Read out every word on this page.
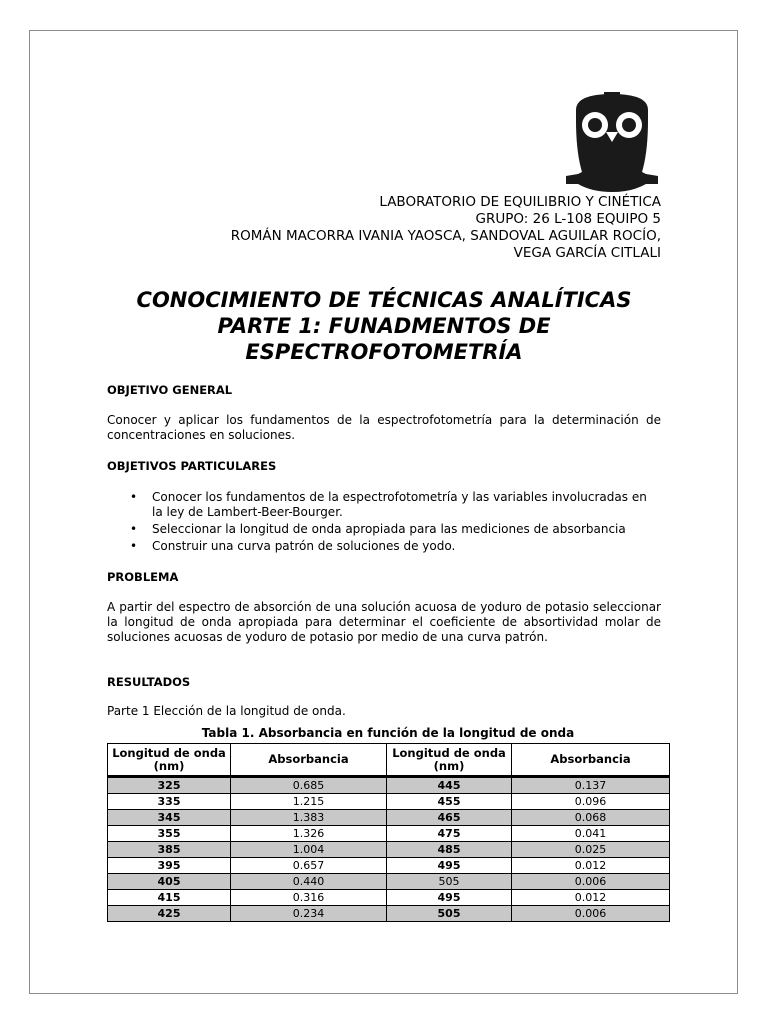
LABORATORIO DE EQUILIBRIO Y CINÉTICA
GRUPO: 26 L-108 EQUIPO 5
ROMÁN MACORRA IVANIA YAOSCA, SANDOVAL AGUILAR ROCÍO,
VEGA GARCÍA CITLALI
CONOCIMIENTO DE TÉCNICAS ANALÍTICAS
PARTE 1: FUNADMENTOS DE
ESPECTROFOTOMETRÍA
OBJETIVO GENERAL
Conocer y aplicar los fundamentos de la espectrofotometría para la determinación de concentraciones en soluciones.
OBJETIVOS PARTICULARES
• Conocer los fundamentos de la espectrofotometría y las variables involucradas en la ley de Lambert-Beer-Bourger.
• Seleccionar la longitud de onda apropiada para las mediciones de absorbancia
• Construir una curva patrón de soluciones de yodo.
PROBLEMA
A partir del espectro de absorción de una solución acuosa de yoduro de potasio seleccionar la longitud de onda apropiada para determinar el coeficiente de absortividad molar de soluciones acuosas de yoduro de potasio por medio de una curva patrón.
RESULTADOS
Parte 1 Elección de la longitud de onda.
Tabla 1. Absorbancia en función de la longitud de onda
Longitud de onda (nm)	Absorbancia	Longitud de onda (nm)	Absorbancia
325	0.685	445	0.137
335	1.215	455	0.096
345	1.383	465	0.068
355	1.326	475	0.041
385	1.004	485	0.025
395	0.657	495	0.012
405	0.440	505	0.006
415	0.316	495	0.012
425	0.234	505	0.006
